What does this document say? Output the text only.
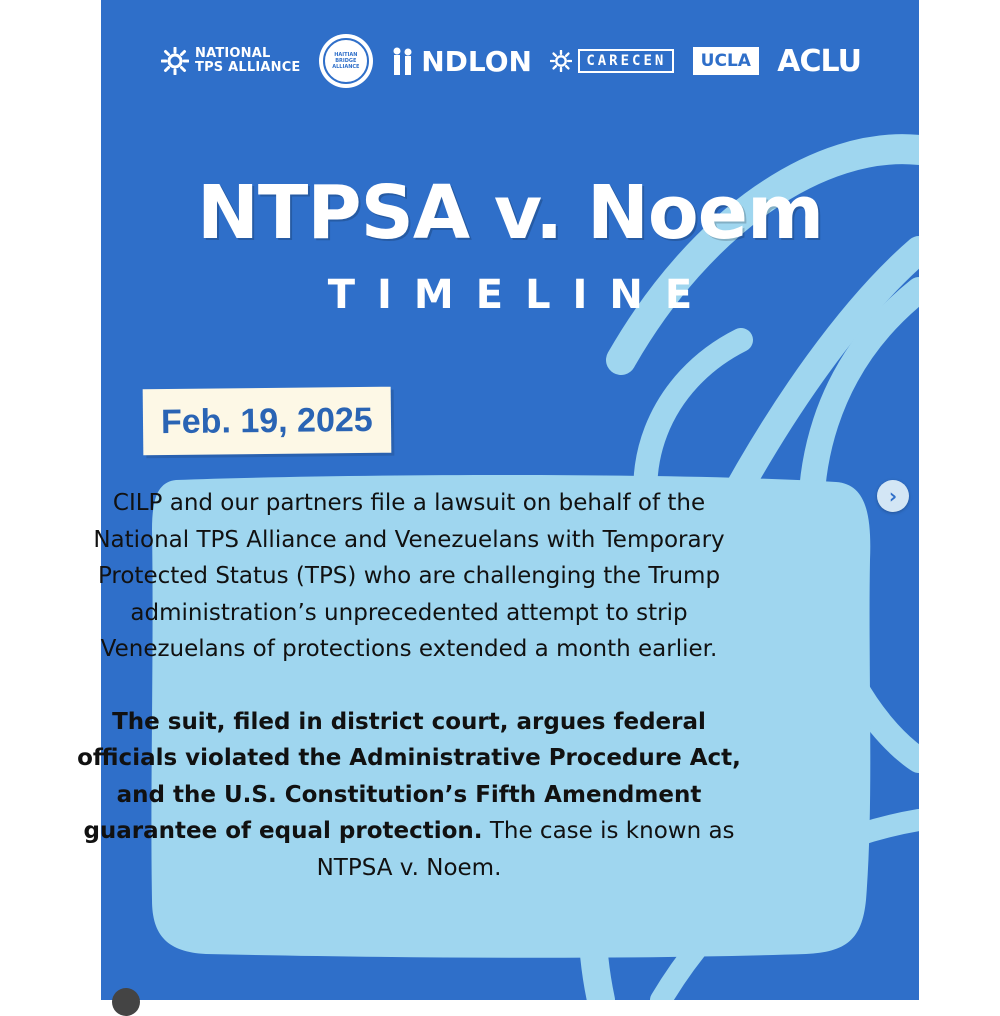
NATIONAL
TPS ALLIANCE
HAITIAN BRIDGE ALLIANCE NDLON	CARECEN	UCLA ACLU
NTPSA v. Noem
TIMELINE
Feb. 19, 2025

CILP and our partners file a lawsuit on behalf of the National TPS Alliance and Venezuelans with Temporary Protected Status (TPS) who are challenging the Trump administration’s unprecedented attempt to strip Venezuelans of protections extended a month earlier.

The suit, filed in district court, argues federal officials violated the Administrative Procedure Act, and the U.S. Constitution’s Fifth Amendment guarantee of equal protection. The case is known as NTPSA v. Noem.

›
